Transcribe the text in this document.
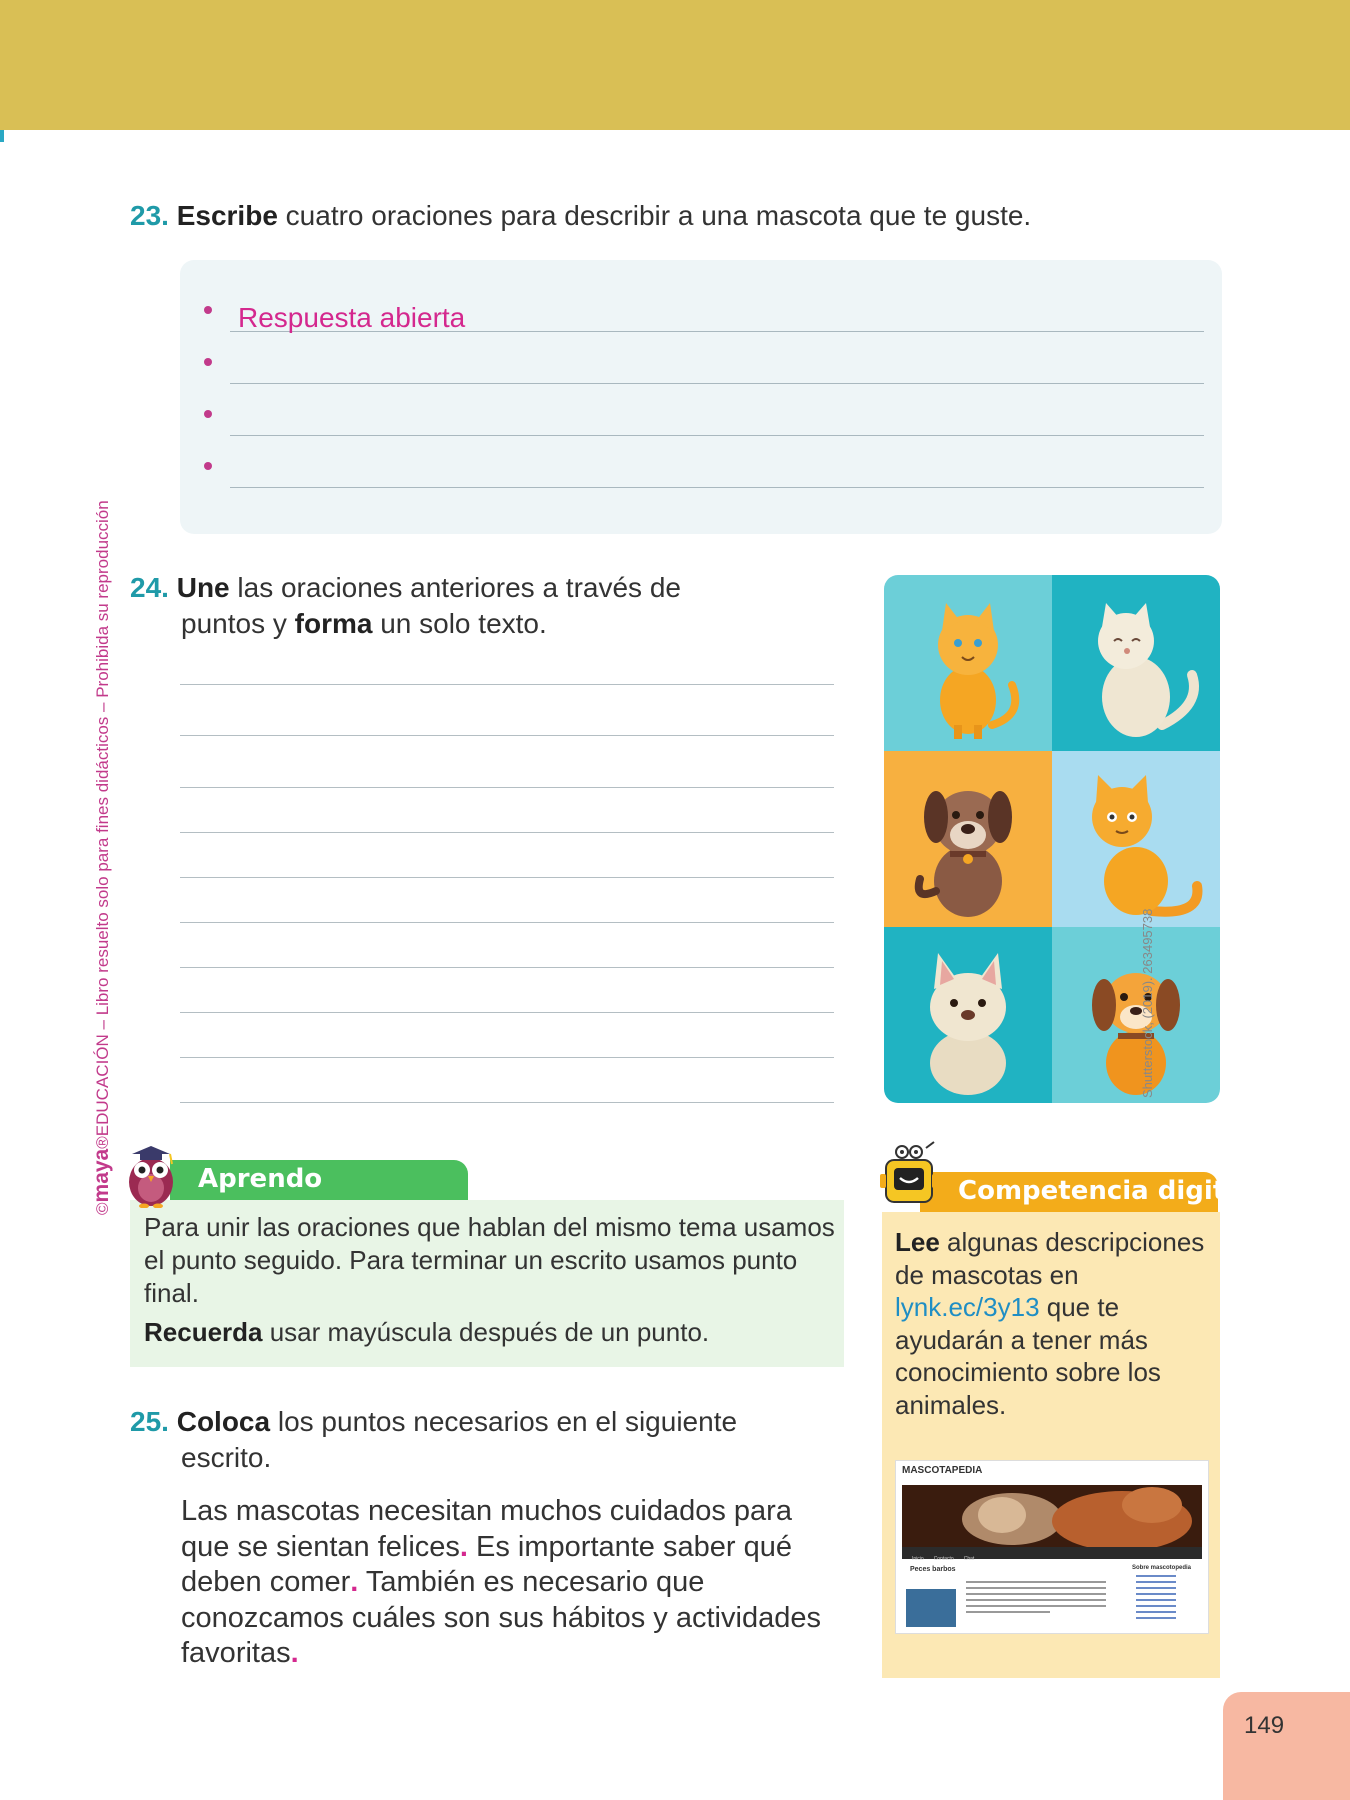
©maya®EDUCACIÓN – Libro resuelto solo para fines didácticos – Prohibida su reproducción
23. Escribe cuatro oraciones para describir a una mascota que te guste.
Respuesta abierta
24. Une las oraciones anteriores a través de
puntos y forma un solo texto.
Shutterstock, (2019). 263495738
Aprendo

Para unir las oraciones que hablan del mismo tema usamos el punto seguido. Para terminar un escrito usamos punto final.

Recuerda usar mayúscula después de un punto.

Competencia digital
Lee algunas descripciones de mascotas en lynk.ec/3y13 que te ayudarán a tener más conocimiento sobre los animales.
MASCOTAPEDIA
Inicio Contacto Chat
Peces barbos	Sobre mascotopedia
25. Coloca los puntos necesarios en el siguiente
escrito.
Las mascotas necesitan muchos cuidados para que se sientan felices. Es importante saber qué deben comer. También es necesario que conozcamos cuáles son sus hábitos y actividades favoritas.
149
